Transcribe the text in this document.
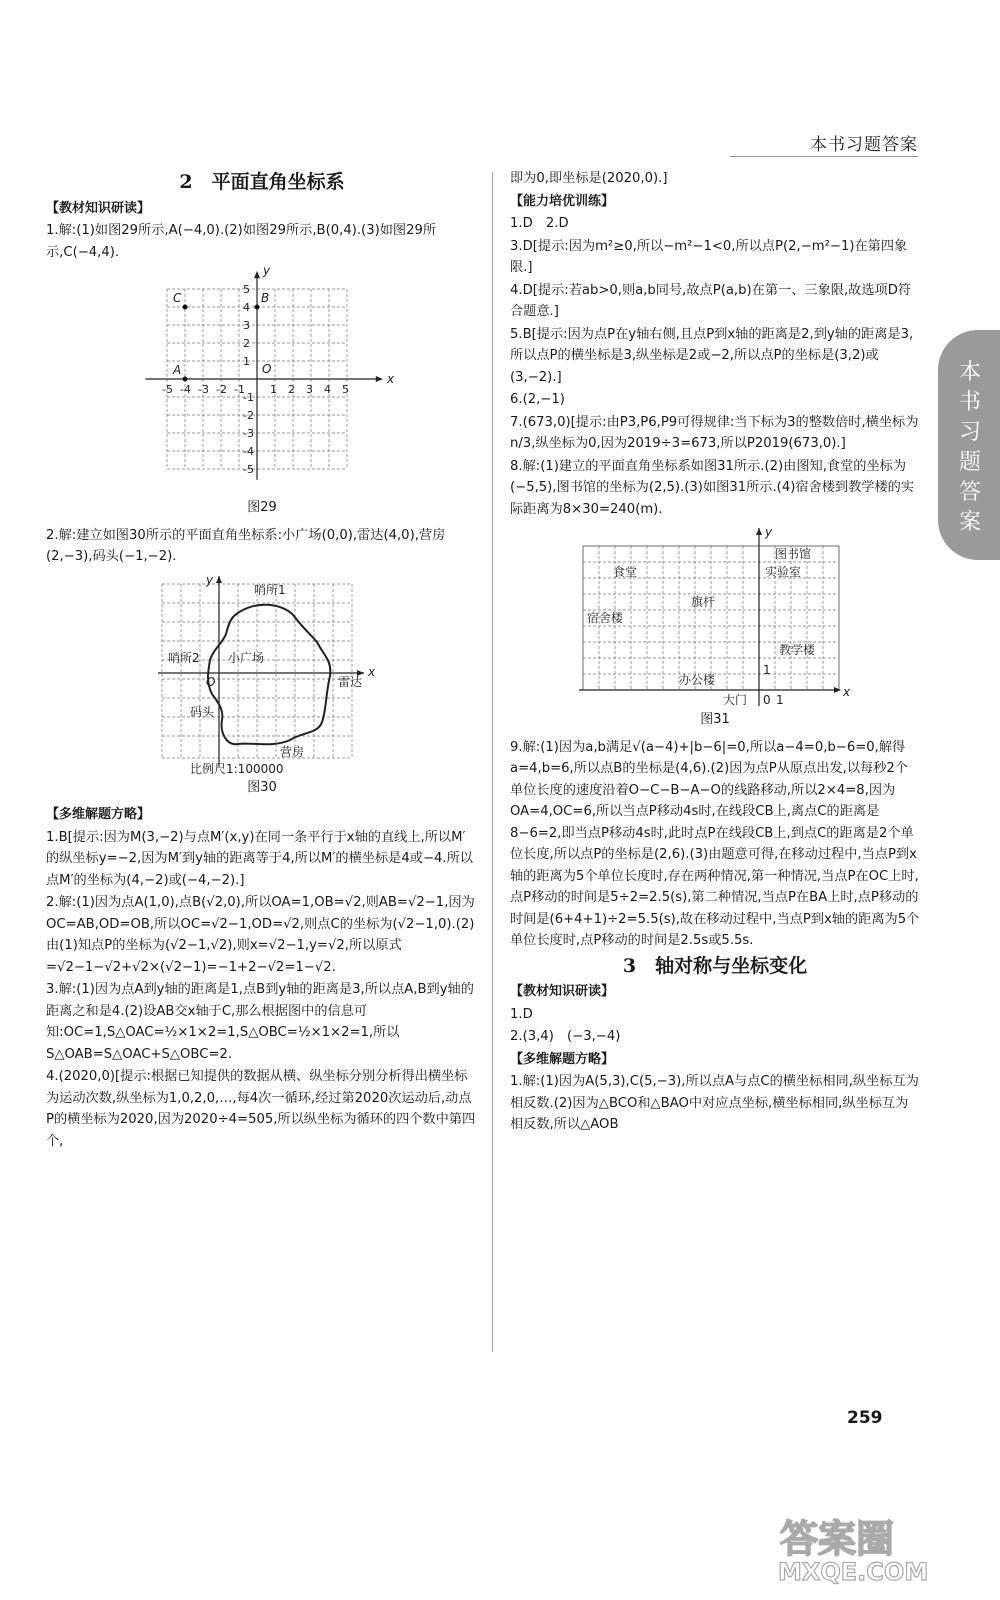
本书习题答案
本书习题答案
2　平面直角坐标系
【教材知识研读】

1.解:(1)如图29所示,A(−4,0).(2)如图29所示,B(0,4).(3)如图29所示,C(−4,4).

-5 -4 -3 -2 -1 1 2 3 4 5
5
4
3
2
1
-1
-2
-3
-4
-5
A
B
C
O
x
y
图29

2.解:建立如图30所示的平面直角坐标系:小广场(0,0),雷达(4,0),营房(2,−3),码头(−1,−2).

哨所1
哨所2 小广场
雷达
码头
营房
O
x
y
比例尺1:100000
图30
【多维解题方略】

1.B[提示:因为M(3,−2)与点M′(x,y)在同一条平行于x轴的直线上,所以M′的纵坐标y=−2,因为M′到y轴的距离等于4,所以M′的横坐标是4或−4.所以点M′的坐标为(4,−2)或(−4,−2).]

2.解:(1)因为点A(1,0),点B(√2,0),所以OA=1,OB=√2,则AB=√2−1,因为OC=AB,OD=OB,所以OC=√2−1,OD=√2,则点C的坐标为(√2−1,0).(2)由(1)知点P的坐标为(√2−1,√2),则x=√2−1,y=√2,所以原式=√2−1−√2+√2×(√2−1)=−1+2−√2=1−√2.

3.解:(1)因为点A到y轴的距离是1,点B到y轴的距离是3,所以点A,B到y轴的距离之和是4.(2)设AB交x轴于C,那么根据图中的信息可知:OC=1,S△OAC=½×1×2=1,S△OBC=½×1×2=1,所以S△OAB=S△OAC+S△OBC=2.

4.(2020,0)[提示:根据已知提供的数据从横、纵坐标分别分析得出横坐标为运动次数,纵坐标为1,0,2,0,…,每4次一循环,经过第2020次运动后,动点P的横坐标为2020,因为2020÷4=505,所以纵坐标为循环的四个数中第四个,

即为0,即坐标是(2020,0).]

【能力培优训练】

1.D　2.D

3.D[提示:因为m²≥0,所以−m²−1<0,所以点P(2,−m²−1)在第四象限.]

4.D[提示:若ab>0,则a,b同号,故点P(a,b)在第一、三象限,故选项D符合题意.]

5.B[提示:因为点P在y轴右侧,且点P到x轴的距离是2,到y轴的距离是3,所以点P的横坐标是3,纵坐标是2或−2,所以点P的坐标是(3,2)或(3,−2).]

6.(2,−1)

7.(673,0)[提示:由P3,P6,P9可得规律:当下标为3的整数倍时,横坐标为n/3,纵坐标为0,因为2019÷3=673,所以P2019(673,0).]

8.解:(1)建立的平面直角坐标系如图31所示.(2)由图知,食堂的坐标为(−5,5),图书馆的坐标为(2,5).(3)如图31所示.(4)宿舍楼到教学楼的实际距离为8×30=240(m).

图书馆
食堂	实验室
旗杆
宿舍楼
教学楼
办公楼
大门 0 1
1
x
y
图31

9.解:(1)因为a,b满足√(a−4)+|b−6|=0,所以a−4=0,b−6=0,解得a=4,b=6,所以点B的坐标是(4,6).(2)因为点P从原点出发,以每秒2个单位长度的速度沿着O−C−B−A−O的线路移动,所以2×4=8,因为OA=4,OC=6,所以当点P移动4s时,在线段CB上,离点C的距离是8−6=2,即当点P移动4s时,此时点P在线段CB上,到点C的距离是2个单位长度,所以点P的坐标是(2,6).(3)由题意可得,在移动过程中,当点P到x轴的距离为5个单位长度时,存在两种情况,第一种情况,当点P在OC上时,点P移动的时间是5÷2=2.5(s),第二种情况,当点P在BA上时,点P移动的时间是(6+4+1)÷2=5.5(s),故在移动过程中,当点P到x轴的距离为5个单位长度时,点P移动的时间是2.5s或5.5s.

3　轴对称与坐标变化
【教材知识研读】

1.D

2.(3,4)　(−3,−4)

【多维解题方略】

1.解:(1)因为A(5,3),C(5,−3),所以点A与点C的横坐标相同,纵坐标互为相反数.(2)因为△BCO和△BAO中对应点坐标,横坐标相同,纵坐标互为相反数,所以△AOB

259
答案圈
MXQE.COM
